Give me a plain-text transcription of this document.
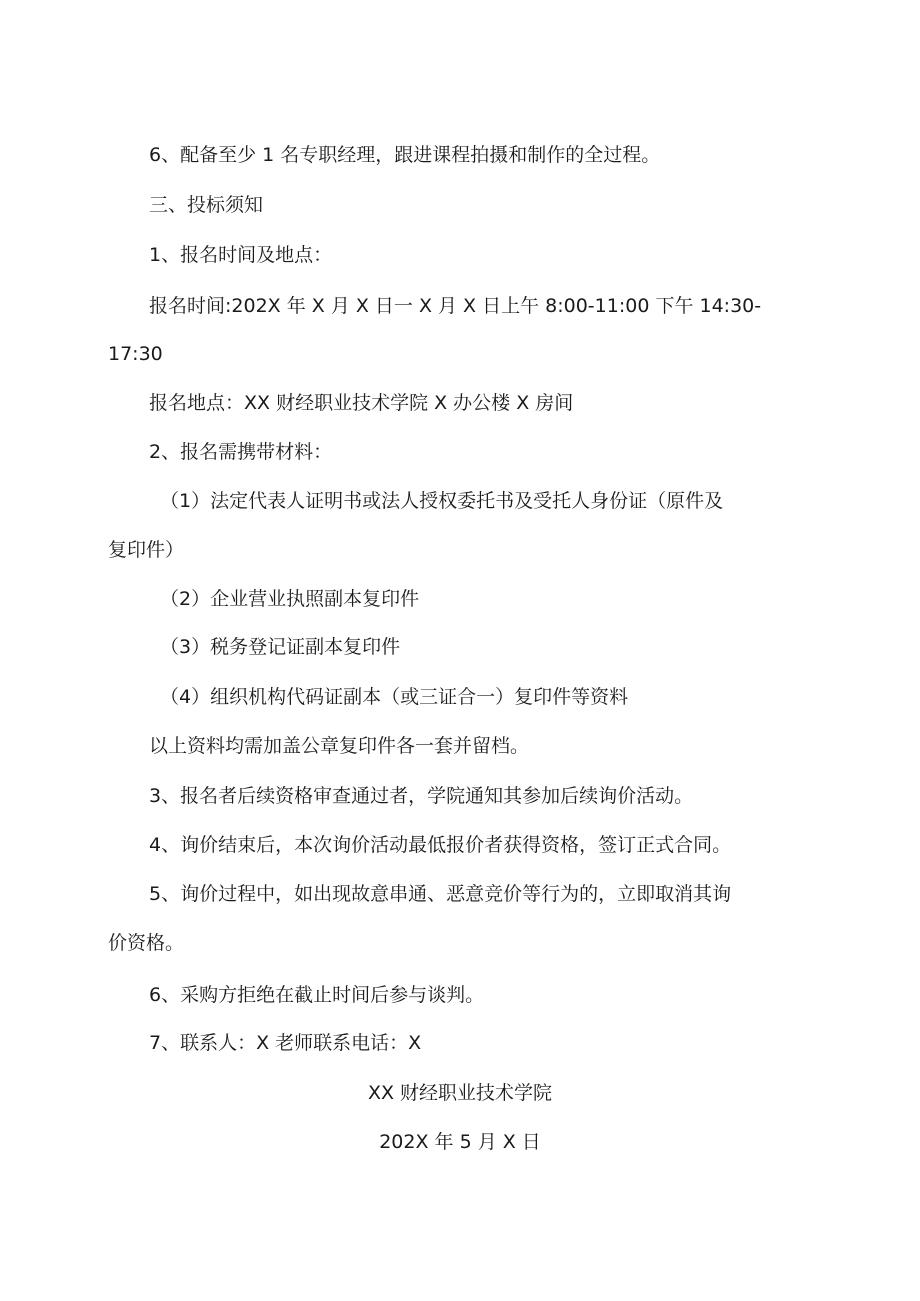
6、配备至少 1 名专职经理，跟进课程拍摄和制作的全过程。

三、投标须知

1、报名时间及地点：

报名时间:202X 年 X 月 X 日一 X 月 X 日上午 8:00-11:00 下午 14:30-

17:30

报名地点：XX 财经职业技术学院 X 办公楼 X 房间

2、报名需携带材料：

（1）法定代表人证明书或法人授权委托书及受托人身份证（原件及

复印件）

（2）企业营业执照副本复印件

（3）税务登记证副本复印件

（4）组织机构代码证副本（或三证合一）复印件等资料

以上资料均需加盖公章复印件各一套并留档。

3、报名者后续资格审查通过者，学院通知其参加后续询价活动。

4、询价结束后，本次询价活动最低报价者获得资格，签订正式合同。

5、询价过程中，如出现故意串通、恶意竞价等行为的，立即取消其询

价资格。

6、采购方拒绝在截止时间后参与谈判。

7、联系人：X 老师联系电话：X

XX 财经职业技术学院

202X 年 5 月 X 日
